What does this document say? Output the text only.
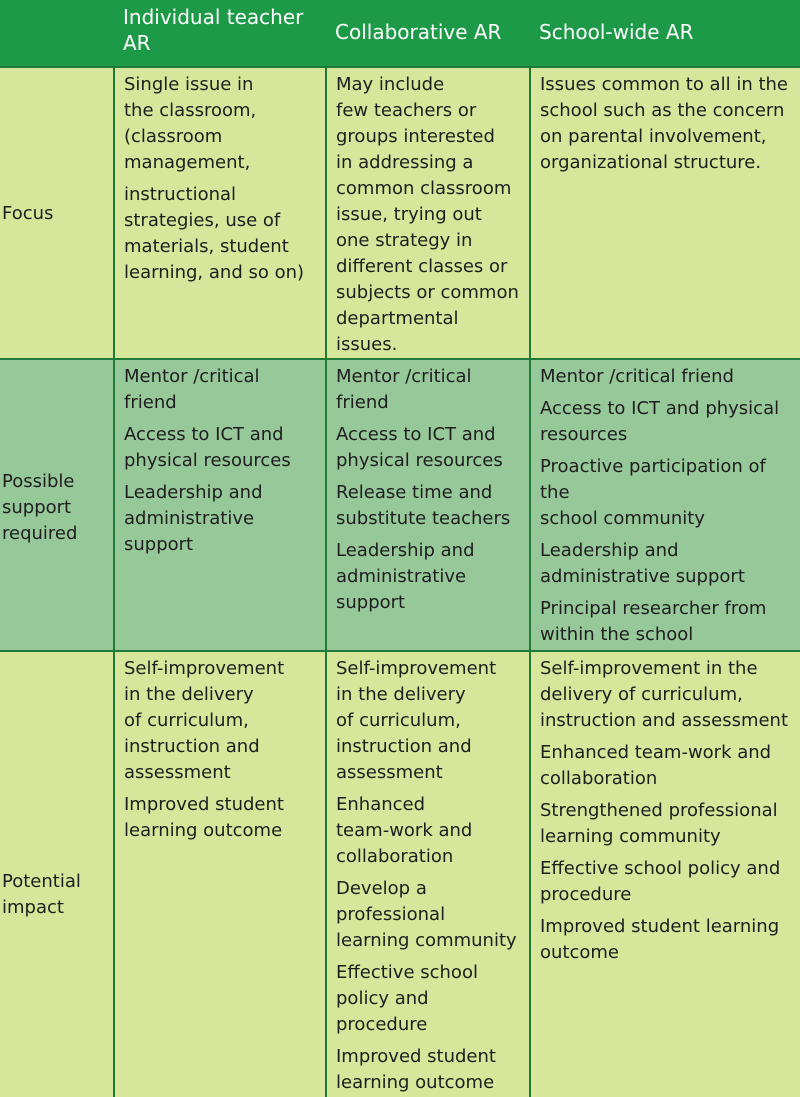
Individual teacher
AR	Collaborative AR	School-wide AR
Focus
Single issue in
the classroom,
(classroom
management,
instructional
strategies, use of
materials, student
learning, and so on)
May include
few teachers or
groups interested
in addressing a
common classroom
issue, trying out
one strategy in
different classes or
subjects or common
departmental
issues.
Issues common to all in the
school such as the concern
on parental involvement,
organizational structure.
Possible
support
required
Mentor /critical
friend
Access to ICT and
physical resources
Leadership and
administrative
support
Mentor /critical
friend
Access to ICT and
physical resources
Release time and
substitute teachers
Leadership and
administrative
support
Mentor /critical friend
Access to ICT and physical
resources
Proactive participation of the
school community
Leadership and
administrative support
Principal researcher from
within the school
Potential
impact
Self-improvement
in the delivery
of curriculum,
instruction and
assessment
Improved student
learning outcome
Self-improvement
in the delivery
of curriculum,
instruction and
assessment
Enhanced
team-work and
collaboration
Develop a
professional
learning community
Effective school
policy and
procedure
Improved student
learning outcome
Self-improvement in the
delivery of curriculum,
instruction and assessment
Enhanced team-work and
collaboration
Strengthened professional
learning community
Effective school policy and
procedure
Improved student learning
outcome
